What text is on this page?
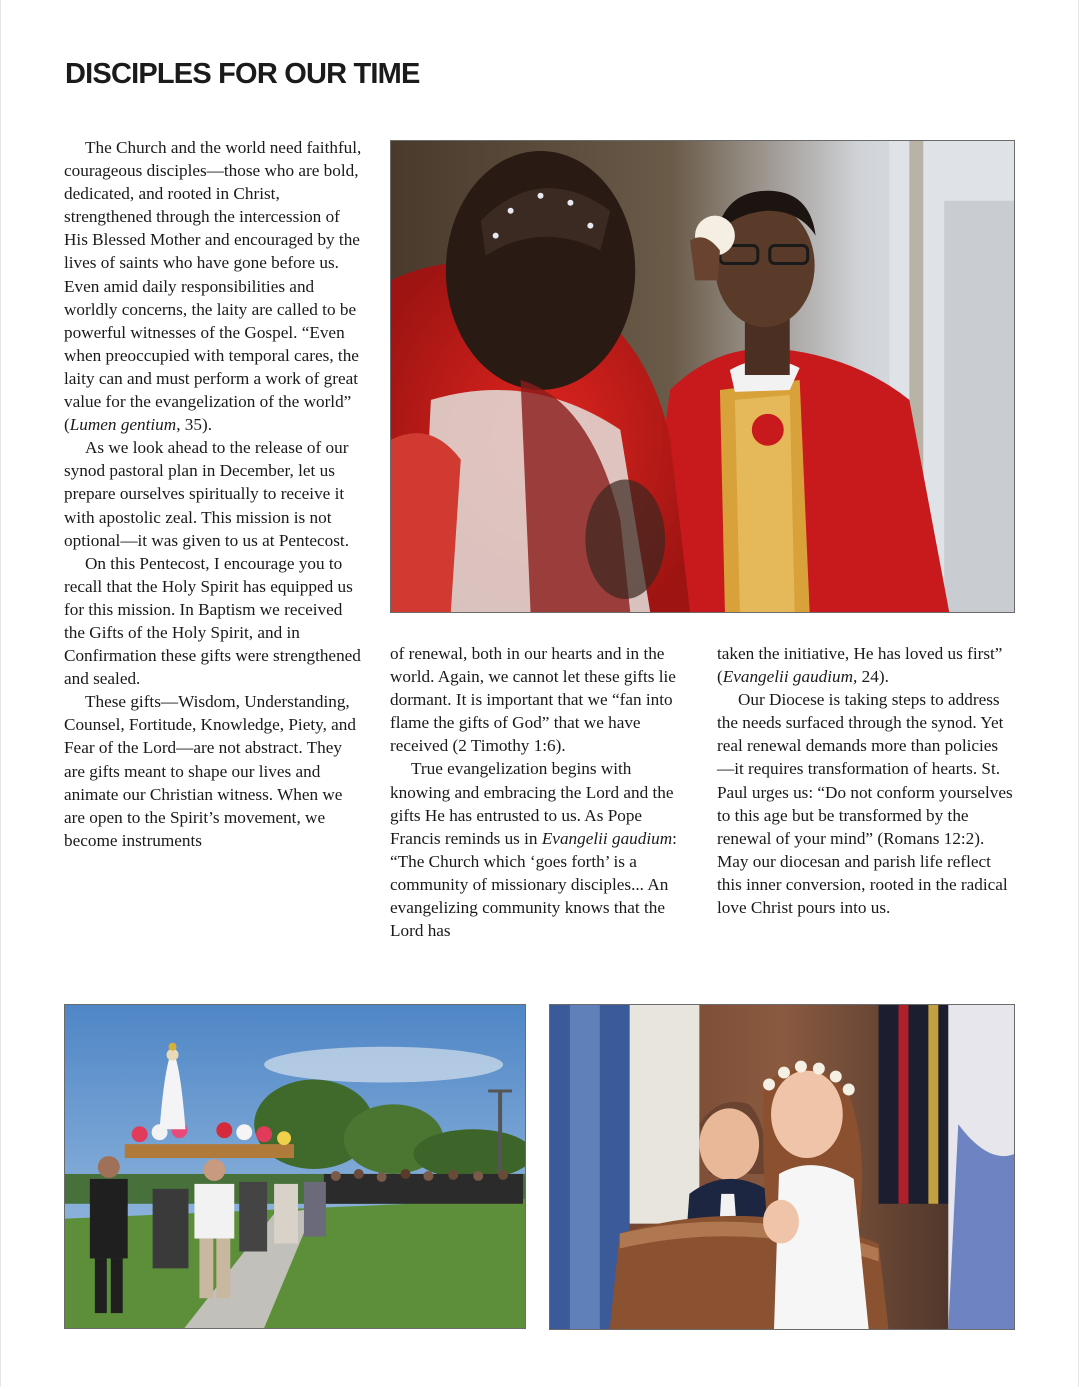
DISCIPLES FOR OUR TIME

The Church and the world need faithful, courageous disciples—those who are bold, dedicated, and rooted in Christ, strengthened through the intercession of His Blessed Mother and encouraged by the lives of saints who have gone before us. Even amid daily responsibilities and worldly concerns, the laity are called to be powerful witnesses of the Gospel. “Even when preoccupied with temporal cares, the laity can and must perform a work of great value for the evangelization of the world” (Lumen gentium, 35).

As we look ahead to the release of our synod pastoral plan in December, let us prepare ourselves spiritually to receive it with apostolic zeal. This mission is not optional—it was given to us at Pentecost.

On this Pentecost, I encourage you to recall that the Holy Spirit has equipped us for this mission. In Baptism we received the Gifts of the Holy Spirit, and in Confirmation these gifts were strengthened and sealed.

These gifts—Wisdom, Understanding, Counsel, Fortitude, Knowledge, Piety, and Fear of the Lord—are not abstract. They are gifts meant to shape our lives and animate our Christian witness. When we are open to the Spirit’s movement, we become instruments

of renewal, both in our hearts and in the world. Again, we cannot let these gifts lie dormant. It is important that we “fan into flame the gifts of God” that we have received (2 Timothy 1:6).

True evangelization begins with knowing and embracing the Lord and the gifts He has entrusted to us. As Pope Francis reminds us in Evangelii gaudium: “The Church which ‘goes forth’ is a community of missionary disciples... An evangelizing community knows that the Lord has

taken the initiative, He has loved us first” (Evangelii gaudium, 24).

Our Diocese is taking steps to address the needs surfaced through the synod. Yet real renewal demands more than policies—it requires transformation of hearts. St. Paul urges us: “Do not conform yourselves to this age but be transformed by the renewal of your mind” (Romans 12:2). May our diocesan and parish life reflect this inner conversion, rooted in the radical love Christ pours into us.
